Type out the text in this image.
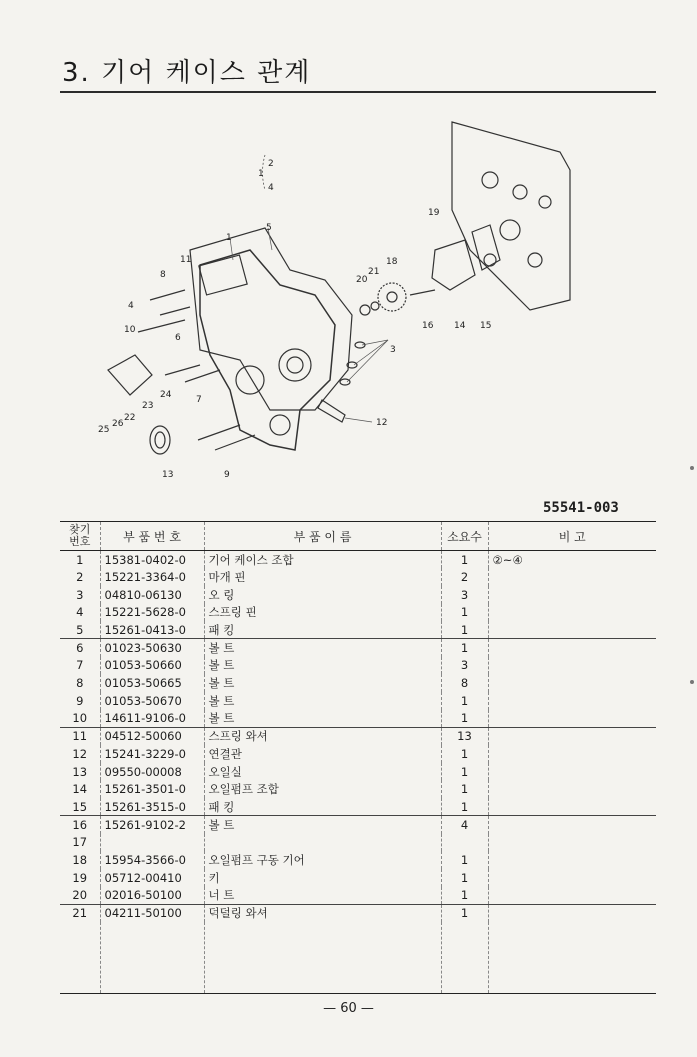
3. 기어 케이스 관계
1
2
4
1
3
4
5
6
7
8
9
10
11
12
13
14 15
16
18
19
20
21
22
23
24
25
26
55541-003
찾기
번호	부 품 번 호	부 품 이 름	소요수	비 고
1	15381-0402-0	기어 케이스 조합	1	②~④
2	15221-3364-0	마개 핀	2	
3	04810-06130	오 링	3	
4	15221-5628-0	스프링 핀	1	
5	15261-0413-0	패 킹	1	
6	01023-50630	볼 트	1	
7	01053-50660	볼 트	3	
8	01053-50665	볼 트	8	
9	01053-50670	볼 트	1	
10	14611-9106-0	볼 트	1	
11	04512-50060	스프링 와셔	13	
12	15241-3229-0	연결관	1	
13	09550-00008	오일실	1	
14	15261-3501-0	오일펌프 조합	1	
15	15261-3515-0	패 킹	1	
16	15261-9102-2	볼 트	4	
17				
18	15954-3566-0	오일펌프 구동 기어	1	
19	05712-00410	키	1	
20	02016-50100	너 트	1	
21	04211-50100	덕덜링 와셔	1	

— 60 —
